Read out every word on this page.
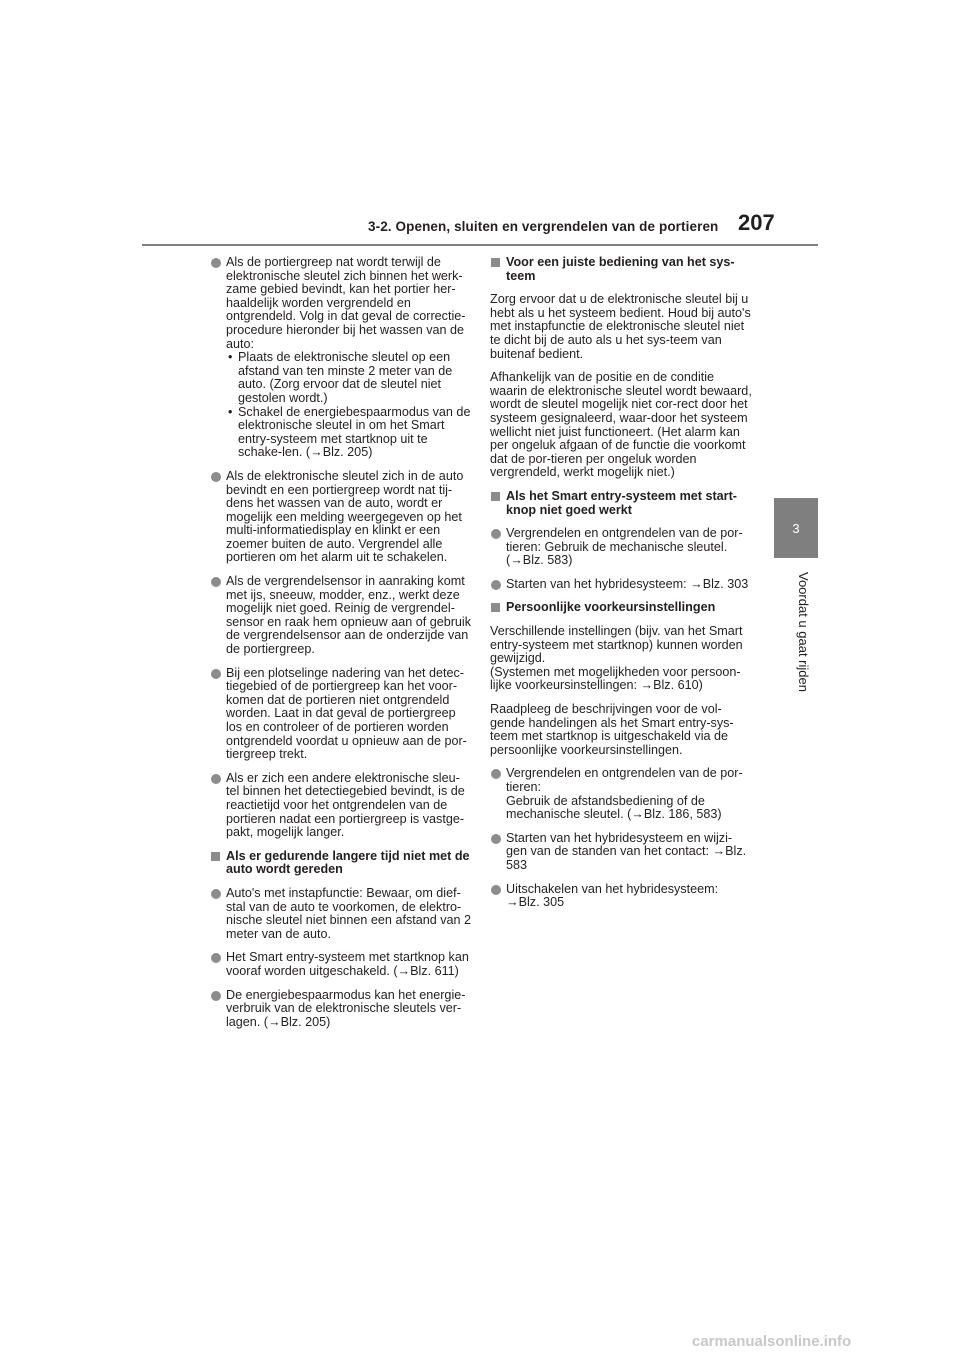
3-2. Openen, sluiten en vergrendelen van de portieren 207
3
Voordat u gaat rijden
Als de portiergreep nat wordt terwijl de elektronische sleutel zich binnen het werk-zame gebied bevindt, kan het portier her-haaldelijk worden vergrendeld en ontgrendeld. Volg in dat geval de correctie-procedure hieronder bij het wassen van de auto:
• Plaats de elektronische sleutel op een afstand van ten minste 2 meter van de auto. (Zorg ervoor dat de sleutel niet gestolen wordt.)
• Schakel de energiebespaarmodus van de elektronische sleutel in om het Smart entry-systeem met startknop uit te schake-len. (→Blz. 205)
Als de elektronische sleutel zich in de auto bevindt en een portiergreep wordt nat tij-dens het wassen van de auto, wordt er mogelijk een melding weergegeven op het multi-informatiedisplay en klinkt er een zoemer buiten de auto. Vergrendel alle portieren om het alarm uit te schakelen.
Als de vergrendelsensor in aanraking komt met ijs, sneeuw, modder, enz., werkt deze mogelijk niet goed. Reinig de vergrendel-sensor en raak hem opnieuw aan of gebruik de vergrendelsensor aan de onderzijde van de portiergreep.
Bij een plotselinge nadering van het detec-tiegebied of de portiergreep kan het voor-komen dat de portieren niet ontgrendeld worden. Laat in dat geval de portiergreep los en controleer of de portieren worden ontgrendeld voordat u opnieuw aan de por-tiergreep trekt.
Als er zich een andere elektronische sleu-tel binnen het detectiegebied bevindt, is de reactietijd voor het ontgrendelen van de portieren nadat een portiergreep is vastge-pakt, mogelijk langer.
Als er gedurende langere tijd niet met de auto wordt gereden
Auto's met instapfunctie: Bewaar, om dief-stal van de auto te voorkomen, de elektro-nische sleutel niet binnen een afstand van 2 meter van de auto.
Het Smart entry-systeem met startknop kan vooraf worden uitgeschakeld. (→Blz. 611)
De energiebespaarmodus kan het energie-verbruik van de elektronische sleutels ver-lagen. (→Blz. 205)
Voor een juiste bediening van het sys-teem

Zorg ervoor dat u de elektronische sleutel bij u hebt als u het systeem bedient. Houd bij auto's met instapfunctie de elektronische sleutel niet te dicht bij de auto als u het sys-teem van buitenaf bedient.

Afhankelijk van de positie en de conditie waarin de elektronische sleutel wordt bewaard, wordt de sleutel mogelijk niet cor-rect door het systeem gesignaleerd, waar-door het systeem wellicht niet juist functioneert. (Het alarm kan per ongeluk afgaan of de functie die voorkomt dat de por-tieren per ongeluk worden vergrendeld, werkt mogelijk niet.)

Als het Smart entry-systeem met start-knop niet goed werkt
Vergrendelen en ontgrendelen van de por-tieren: Gebruik de mechanische sleutel. (→Blz. 583)
Starten van het hybridesysteem: →Blz. 303
Persoonlijke voorkeursinstellingen

Verschillende instellingen (bijv. van het Smart entry-systeem met startknop) kunnen worden gewijzigd.
(Systemen met mogelijkheden voor persoon-lijke voorkeursinstellingen: →Blz. 610)

Raadpleeg de beschrijvingen voor de vol-gende handelingen als het Smart entry-sys-teem met startknop is uitgeschakeld via de persoonlijke voorkeursinstellingen.

Vergrendelen en ontgrendelen van de por-tieren:
Gebruik de afstandsbediening of de mechanische sleutel. (→Blz. 186, 583)
Starten van het hybridesysteem en wijzi-gen van de standen van het contact: →Blz. 583
Uitschakelen van het hybridesysteem: →Blz. 305
carmanualsonline.info
